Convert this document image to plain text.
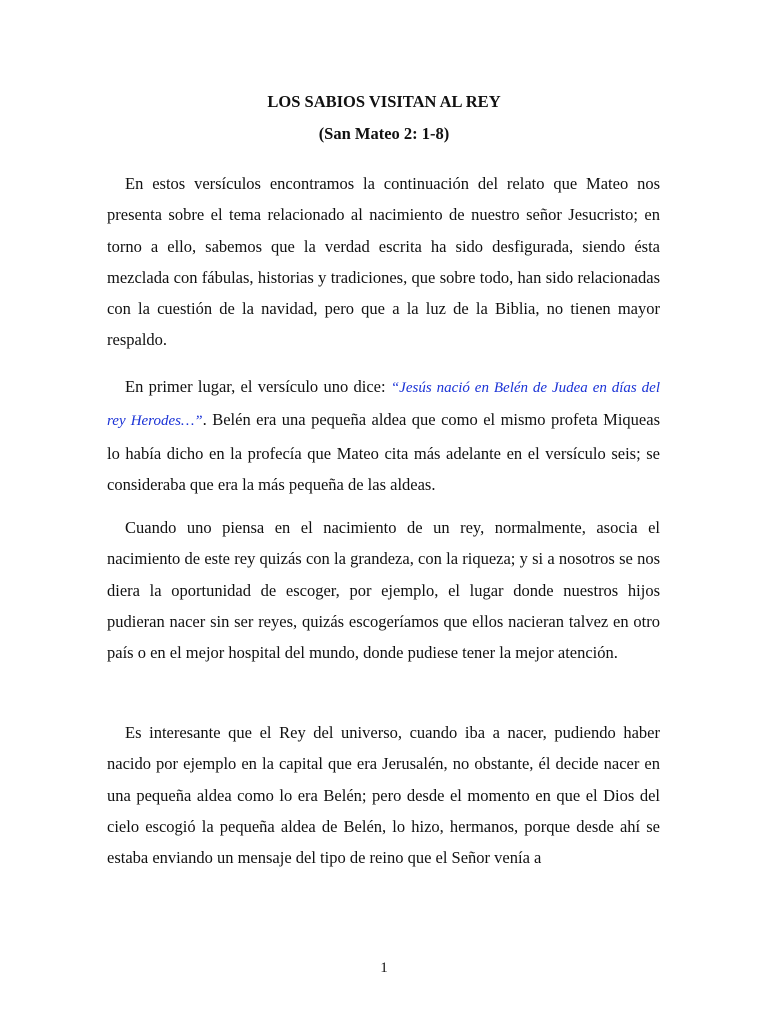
LOS SABIOS VISITAN AL REY
(San Mateo 2: 1-8)

En estos versículos encontramos la continuación del relato que Mateo nos presenta sobre el tema relacionado al nacimiento de nuestro señor Jesucristo; en torno a ello, sabemos que la verdad escrita ha sido desfigurada, siendo ésta mezclada con fábulas, historias y tradiciones, que sobre todo, han sido relacionadas con la cuestión de la navidad, pero que a la luz de la Biblia, no tienen mayor respaldo.

En primer lugar, el versículo uno dice: “Jesús nació en Belén de Judea en días del rey Herodes…”. Belén era una pequeña aldea que como el mismo profeta Miqueas lo había dicho en la profecía que Mateo cita más adelante en el versículo seis; se consideraba que era la más pequeña de las aldeas.

Cuando uno piensa en el nacimiento de un rey, normalmente, asocia el nacimiento de este rey quizás con la grandeza, con la riqueza; y si a nosotros se nos diera la oportunidad de escoger, por ejemplo, el lugar donde nuestros hijos pudieran nacer sin ser reyes, quizás escogeríamos que ellos nacieran talvez en otro país o en el mejor hospital del mundo, donde pudiese tener la mejor atención.

Es interesante que el Rey del universo, cuando iba a nacer, pudiendo haber nacido por ejemplo en la capital que era Jerusalén, no obstante, él decide nacer en una pequeña aldea como lo era Belén; pero desde el momento en que el Dios del cielo escogió la pequeña aldea de Belén, lo hizo, hermanos, porque desde ahí se estaba enviando un mensaje del tipo de reino que el Señor venía a

1
